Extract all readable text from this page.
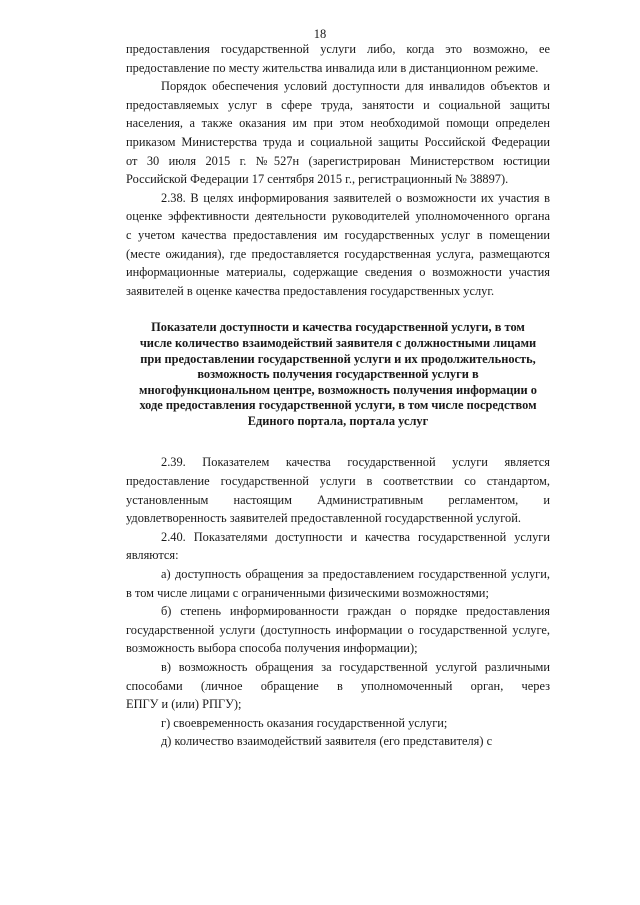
18

предоставления государственной услуги либо, когда это возможно, ее
предоставление по месту жительства инвалида или в дистанционном режиме.

Порядок обеспечения условий доступности для инвалидов объектов и
предоставляемых услуг в сфере труда, занятости и социальной защиты
населения, а также оказания им при этом необходимой помощи определен
приказом Министерства труда и социальной защиты Российской Федерации
от 30 июля 2015 г. №527н (зарегистрирован Министерством юстиции
Российской Федерации 17 сентября 2015 г., регистрационный № 38897).

2.38. В целях информирования заявителей о возможности их участия в
оценке эффективности деятельности руководителей уполномоченного органа
с учетом качества предоставления им государственных услуг в помещении
(месте ожидания), где предоставляется государственная услуга, размещаются
информационные материалы, содержащие сведения о возможности участия
заявителей в оценке качества предоставления государственных услуг.

Показатели доступности и качества государственной услуги, в том
числе количество взаимодействий заявителя с должностными лицами
при предоставлении государственной услуги и их продолжительность,
возможность получения государственной услуги в
многофункциональном центре, возможность получения информации о
ходе предоставления государственной услуги, в том числе посредством
Единого портала, портала услуг

2.39. Показателем качества государственной услуги является
предоставление государственной услуги в соответствии со стандартом,
установленным настоящим Административным регламентом, и
удовлетворенность заявителей предоставленной государственной услугой.

2.40. Показателями доступности и качества государственной услуги
являются:

а) доступность обращения за предоставлением государственной услуги,
в том числе лицами с ограниченными физическими возможностями;

б) степень информированности граждан о порядке предоставления
государственной услуги (доступность информации о государственной услуге,
возможность выбора способа получения информации);

в) возможность обращения за государственной услугой различными
способами (личное обращение в уполномоченный орган, через
ЕПГУ и (или) РПГУ);

г) своевременность оказания государственной услуги;

д) количество взаимодействий заявителя (его представителя) с
